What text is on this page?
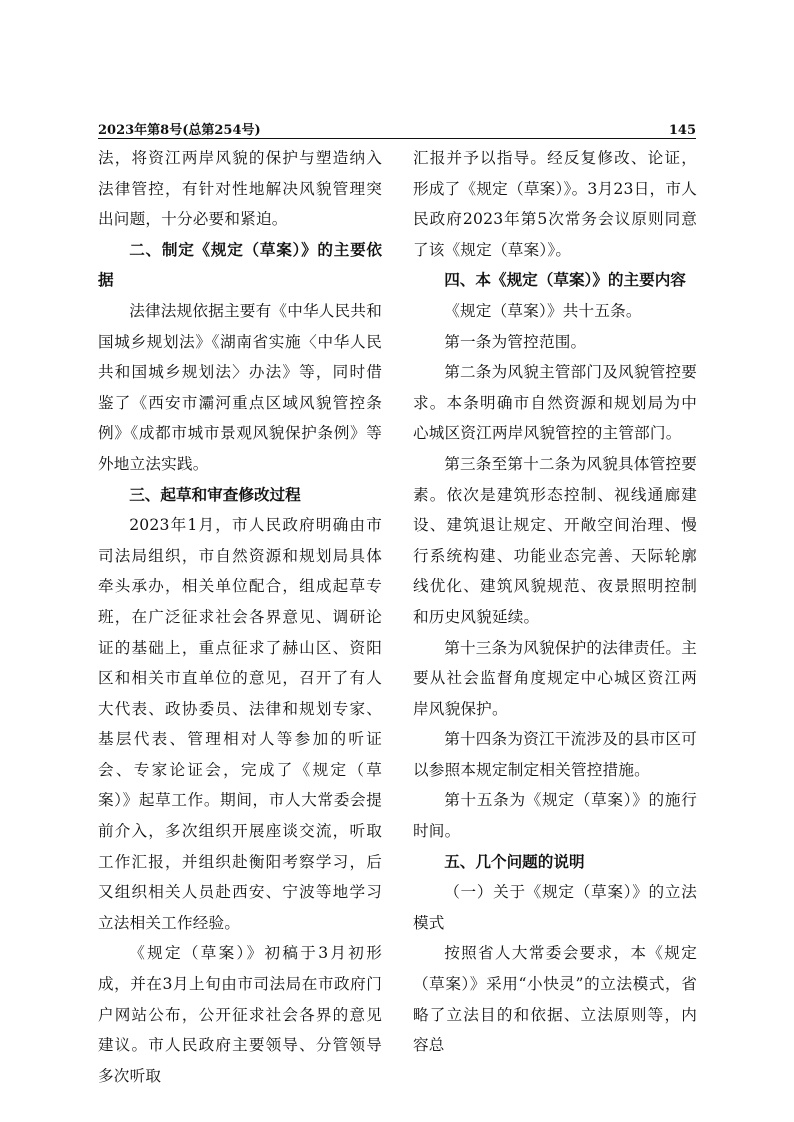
2023年第8号(总第254号)	145

法，将资江两岸风貌的保护与塑造纳入法律管控，有针对性地解决风貌管理突出问题，十分必要和紧迫。

二、制定《规定（草案）》的主要依据

法律法规依据主要有《中华人民共和国城乡规划法》《湖南省实施〈中华人民共和国城乡规划法〉办法》等，同时借鉴了《西安市灞河重点区域风貌管控条例》《成都市城市景观风貌保护条例》等外地立法实践。

三、起草和审查修改过程

2023年1月，市人民政府明确由市司法局组织，市自然资源和规划局具体牵头承办，相关单位配合，组成起草专班，在广泛征求社会各界意见、调研论证的基础上，重点征求了赫山区、资阳区和相关市直单位的意见，召开了有人大代表、政协委员、法律和规划专家、基层代表、管理相对人等参加的听证会、专家论证会，完成了《规定（草案）》起草工作。期间，市人大常委会提前介入，多次组织开展座谈交流，听取工作汇报，并组织赴衡阳考察学习，后又组织相关人员赴西安、宁波等地学习立法相关工作经验。

《规定（草案）》初稿于3月初形成，并在3月上旬由市司法局在市政府门户网站公布，公开征求社会各界的意见建议。市人民政府主要领导、分管领导多次听取

汇报并予以指导。经反复修改、论证，形成了《规定（草案）》。3月23日，市人民政府2023年第5次常务会议原则同意了该《规定（草案）》。

四、本《规定（草案）》的主要内容

《规定（草案）》共十五条。

第一条为管控范围。

第二条为风貌主管部门及风貌管控要求。本条明确市自然资源和规划局为中心城区资江两岸风貌管控的主管部门。

第三条至第十二条为风貌具体管控要素。依次是建筑形态控制、视线通廊建设、建筑退让规定、开敞空间治理、慢行系统构建、功能业态完善、天际轮廓线优化、建筑风貌规范、夜景照明控制和历史风貌延续。

第十三条为风貌保护的法律责任。主要从社会监督角度规定中心城区资江两岸风貌保护。

第十四条为资江干流涉及的县市区可以参照本规定制定相关管控措施。

第十五条为《规定（草案）》的施行时间。

五、几个问题的说明

（一）关于《规定（草案）》的立法模式

按照省人大常委会要求，本《规定（草案）》采用“小快灵”的立法模式，省略了立法目的和依据、立法原则等，内容总
